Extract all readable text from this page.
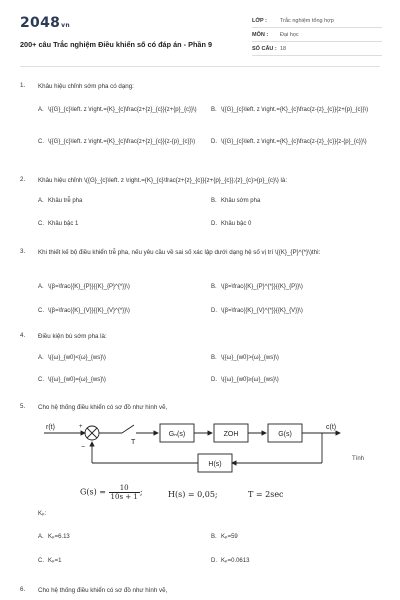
2048vn
200+ câu Trắc nghiệm Điều khiển số có đáp án - Phần 9
LỚP :	Trắc nghiệm tổng hợp
MÔN :	Đại học
SỐ CÂU : 18
1.	Khâu hiệu chỉnh sớm pha có dạng:
A. \({G}_{c}\left. z \right.={K}_{c}\frac{z+{z}_{c}}{z+{p}_{c}}\) B. \({G}_{c}\left. z \right.={K}_{c}\frac{z-{z}_{c}}{z+{p}_{c}}\)
C. \({G}_{c}\left. z \right.={K}_{c}\frac{z+{z}_{c}}{z-{p}_{c}}\)	D. \({G}_{c}\left. z \right.={K}_{c}\frac{z-{z}_{c}}{z-{p}_{c}}\)
2.	Khâu hiệu chỉnh \({G}_{c}\left. z \right.={K}_{c}\frac{z+{z}_{c}}{z+{p}_{c}};{z}_{c}>{p}_{c}\) là:
A. Khâu trễ pha	B. Khâu sớm pha
C. Khâu bậc 1	D. Khâu bậc 0
3.	Khi thiết kế bộ điều khiển trễ pha, nếu yêu cầu về sai số xác lập dưới dạng hệ số vị trí \({K}_{P}^{*}\)thì:
A. \(β=\frac{{K}_{P}}{{K}_{P}^{*}}\)	B. \(β=\frac{{K}_{P}^{*}}{{K}_{P}}\)
C. \(β=\frac{{K}_{V}}{{K}_{V}^{*}}\)	D. \(β=\frac{{K}_{V}^{*}}{{K}_{V}}\)
4.	Điều kiện bù sớm pha là:
A. \({ω}_{w0}<{ω}_{ws}\)	B. \({ω}_{w0}>{ω}_{ws}\)
C. \({ω}_{w0}={ω}_{ws}\)	D. \({ω}_{w0}≥{ω}_{ws}\)
5.	Cho hệ thống điều khiển có sơ đồ như hình vẽ,
r(t)	c(t)
T
+
−
Gₙ(s)	ZOH	G(s)
H(s)
Tính
$G(s) = \frac{10}{10s + 1}$ ;	H(s) = 0,05;	T = 2sec
Kₚ:
A. Kₚ=6.13	B. Kₚ=59
C. Kₚ=1	D. Kₚ=0.0613
6.	Cho hệ thống điều khiển có sơ đồ như hình vẽ,
